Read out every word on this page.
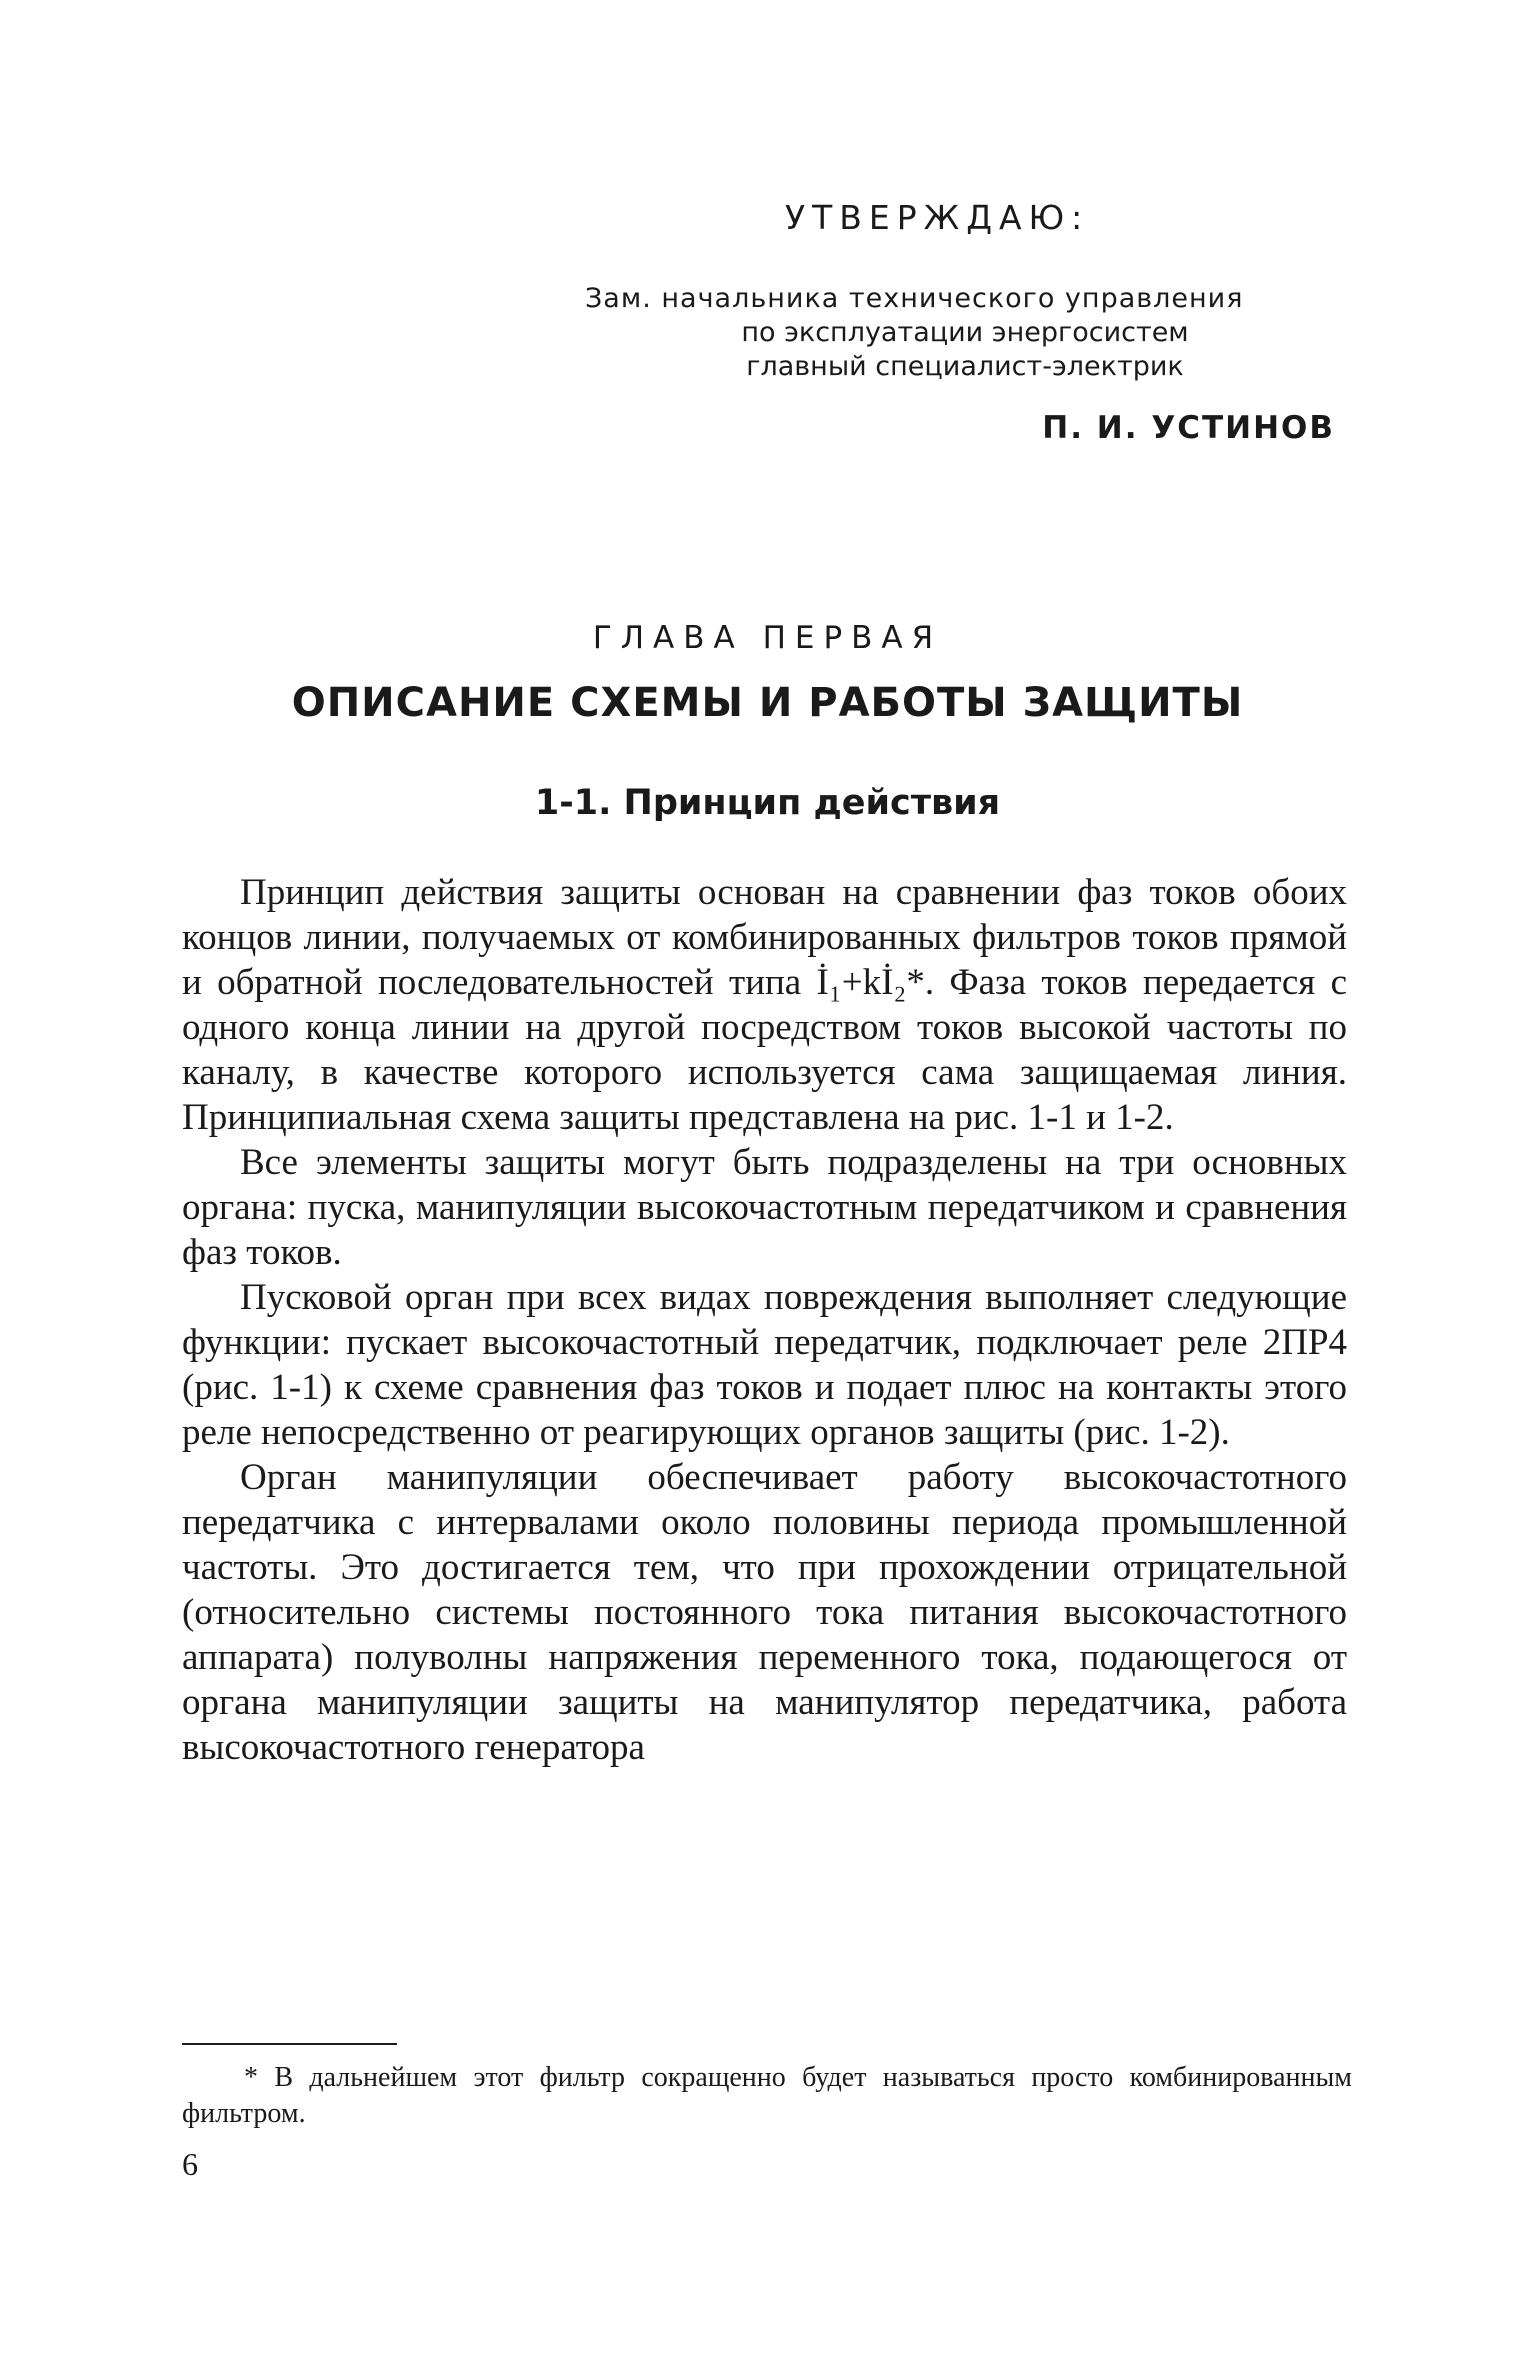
УТВЕРЖДАЮ:
Зам. начальника технического управления
по эксплуатации энергосистем
главный специалист-электрик
П. И. УСТИНОВ
ГЛАВА ПЕРВАЯ
ОПИСАНИЕ СХЕМЫ И РАБОТЫ ЗАЩИТЫ
1-1. Принцип действия

Принцип действия защиты основан на сравнении фаз токов обоих концов линии, получаемых от комбинированных фильтров токов прямой и обратной последовательностей типа İ₁+kİ₂*. Фаза токов передается с одного конца линии на другой посредством токов высокой частоты по каналу, в качестве которого используется сама защищаемая линия. Принципиальная схема защиты представлена на рис. 1-1 и 1-2.

Все элементы защиты могут быть подразделены на три основных органа: пуска, манипуляции высокочастотным передатчиком и сравнения фаз токов.

Пусковой орган при всех видах повреждения выполняет следующие функции: пускает высокочастотный передатчик, подключает реле 2ПР4 (рис. 1-1) к схеме сравнения фаз токов и подает плюс на контакты этого реле непосредственно от реагирующих органов защиты (рис. 1-2).

Орган манипуляции обеспечивает работу высокочастотного передатчика с интервалами около половины периода промышленной частоты. Это достигается тем, что при прохождении отрицательной (относительно системы постоянного тока питания высокочастотного аппарата) полуволны напряжения переменного тока, подающегося от органа манипуляции защиты на манипулятор передатчика, работа высокочастотного генератора

* В дальнейшем этот фильтр сокращенно будет называться просто комбинированным фильтром.
6
